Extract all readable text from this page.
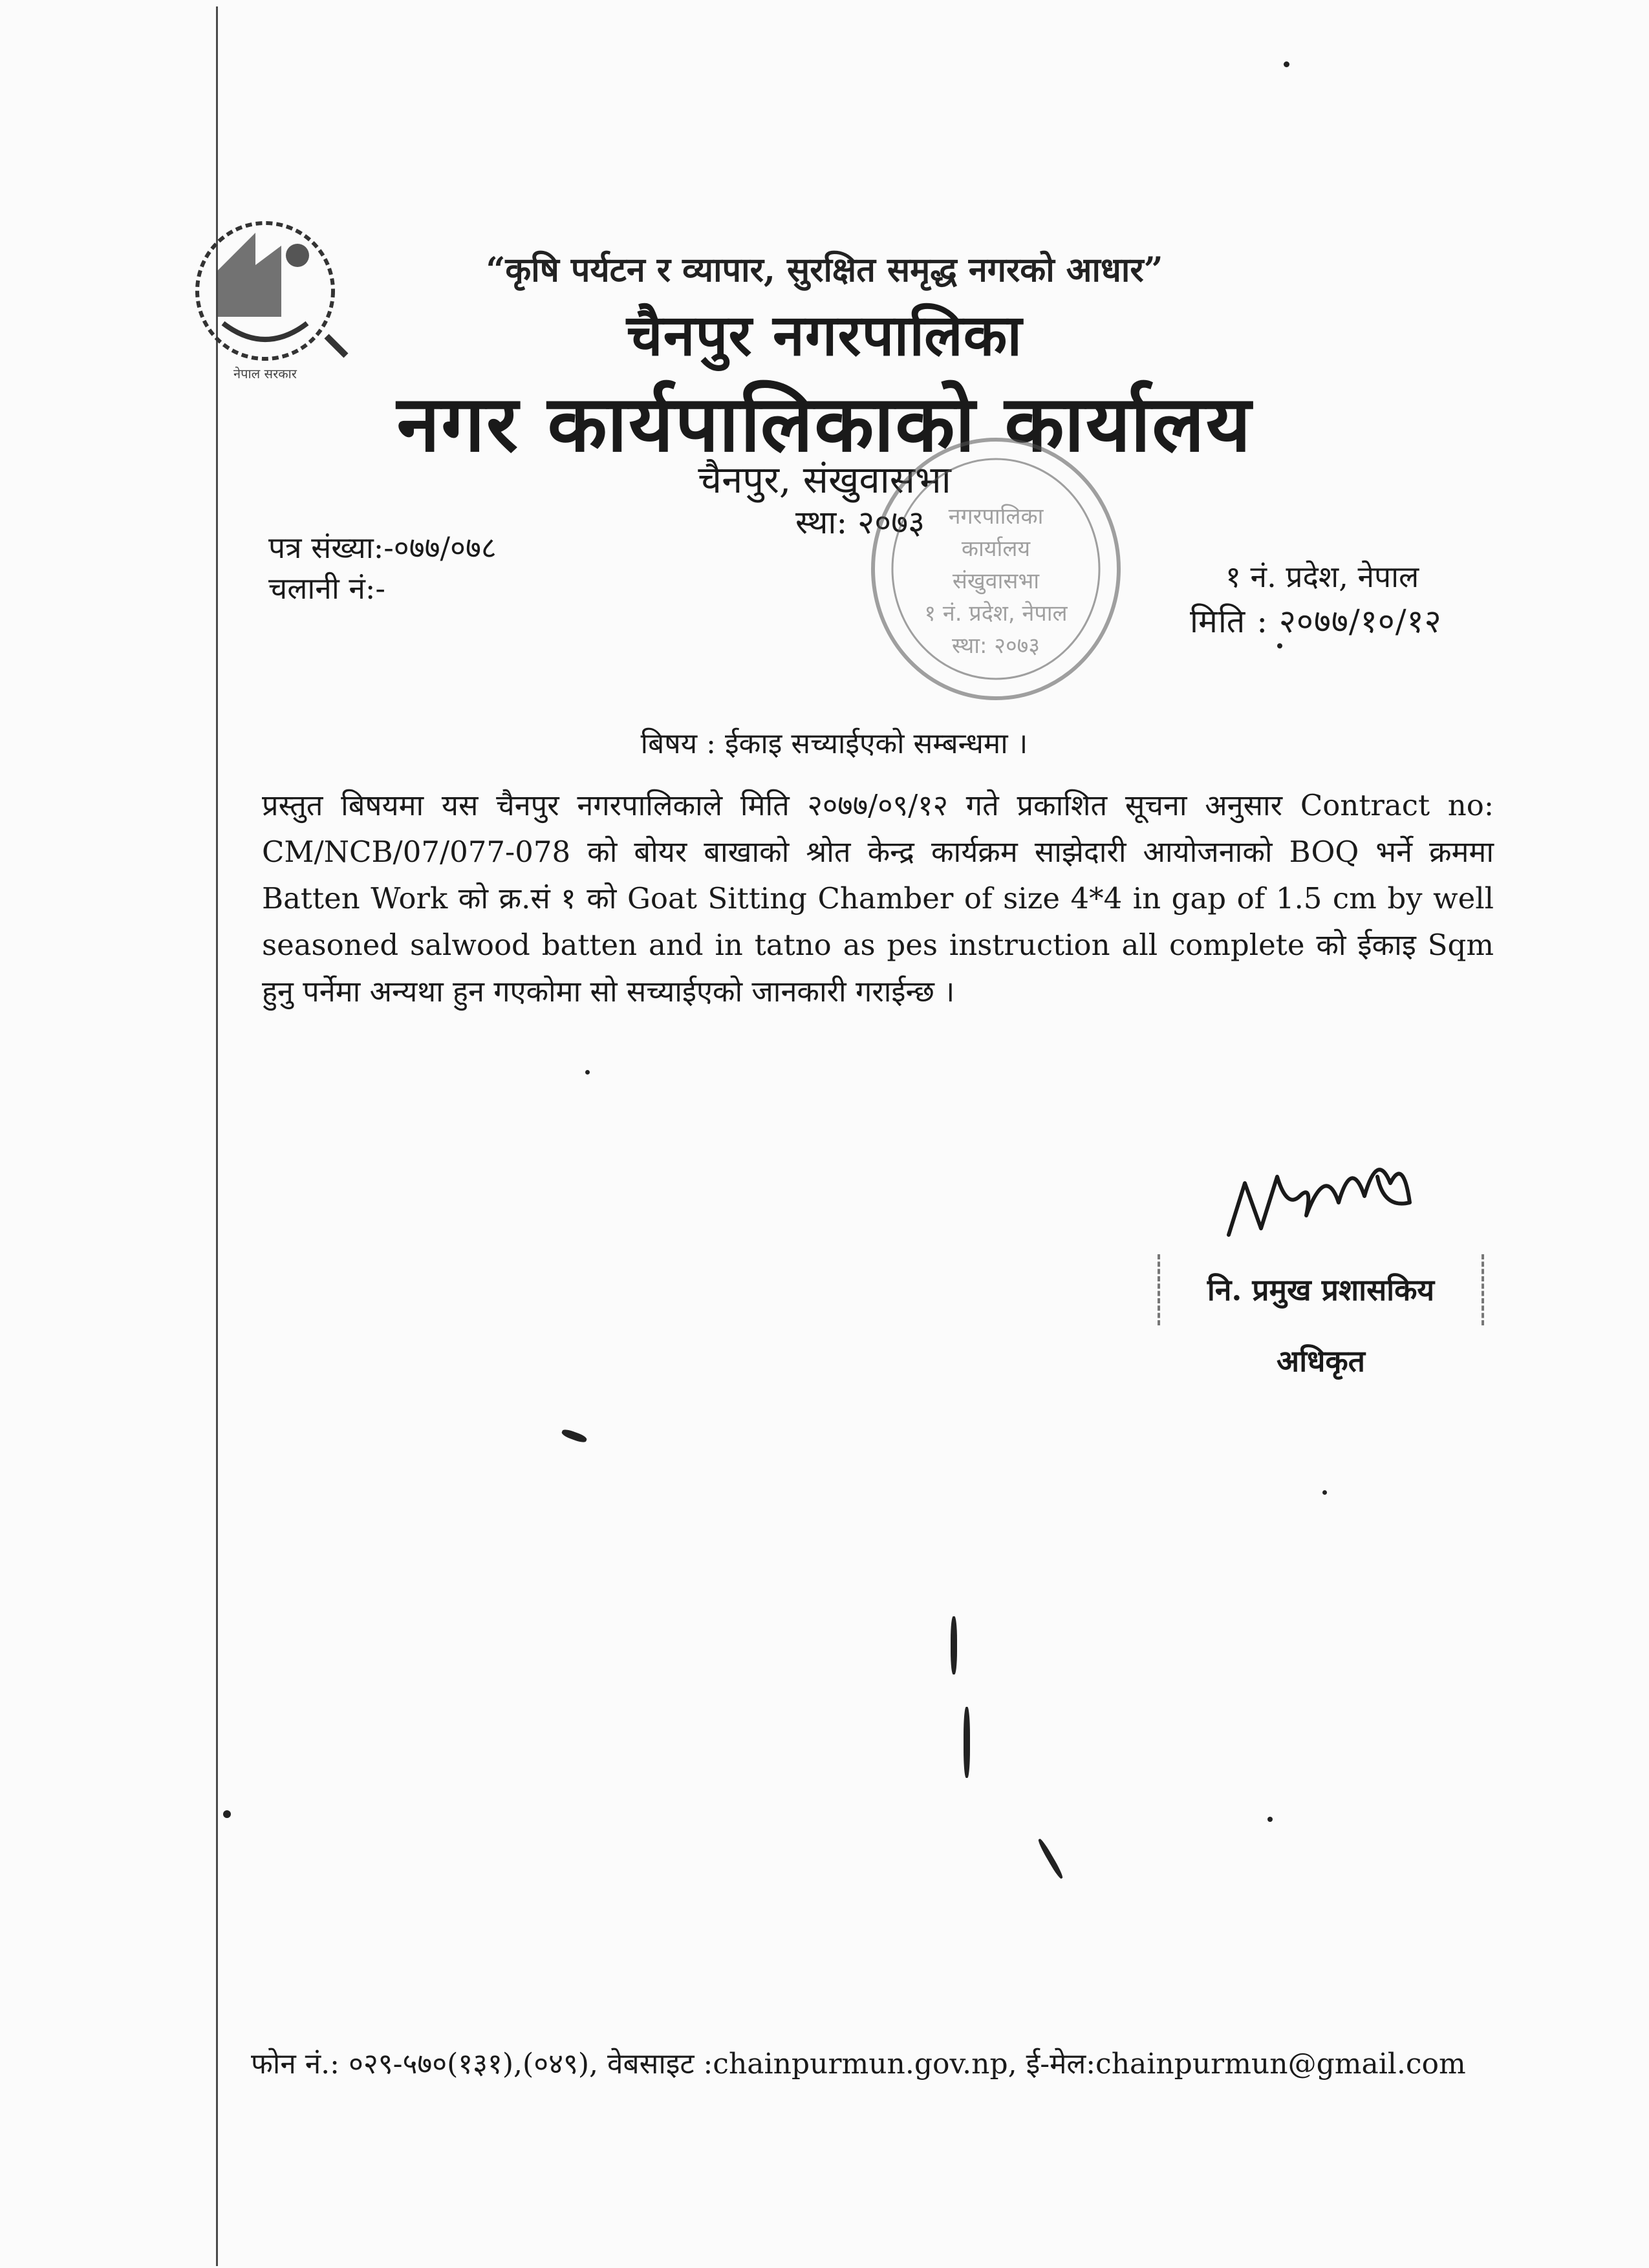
नेपाल सरकार
“कृषि पर्यटन र व्यापार, सुरक्षित समृद्ध नगरको आधार”
चैनपुर नगरपालिका
नगर कार्यपालिकाको कार्यालय
चैनपुर, संखुवासभा
स्था: २०७३
पत्र संख्या:-०७७/०७८
चलानी नं:-	१ नं. प्रदेश, नेपाल
मिति : २०७७/१०/१२
नगरपालिका
कार्यालय
संखुवासभा
१ नं. प्रदेश, नेपाल
स्था: २०७३
बिषय : ईकाइ सच्याईएको सम्बन्धमा ।
प्रस्तुत बिषयमा यस चैनपुर नगरपालिकाले मिति २०७७/०९/१२ गते प्रकाशित सूचना अनुसार Contract no: CM/NCB/07/077-078 को बोयर बाखाको श्रोत केन्द्र कार्यक्रम साझेदारी आयोजनाको BOQ भर्ने क्रममा Batten Work को क्र.सं १ को Goat Sitting Chamber of size 4*4 in gap of 1.5 cm by well seasoned salwood batten and in tatno as pes instruction all complete को ईकाइ Sqm हुनु पर्नेमा अन्यथा हुन गएकोमा सो सच्याईएको जानकारी गराईन्छ ।
नि. प्रमुख प्रशासकिय अधिकृत
फोन नं.: ०२९-५७०(१३१),(०४९), वेबसाइट :chainpurmun.gov.np, ई-मेल:chainpurmun@gmail.com
